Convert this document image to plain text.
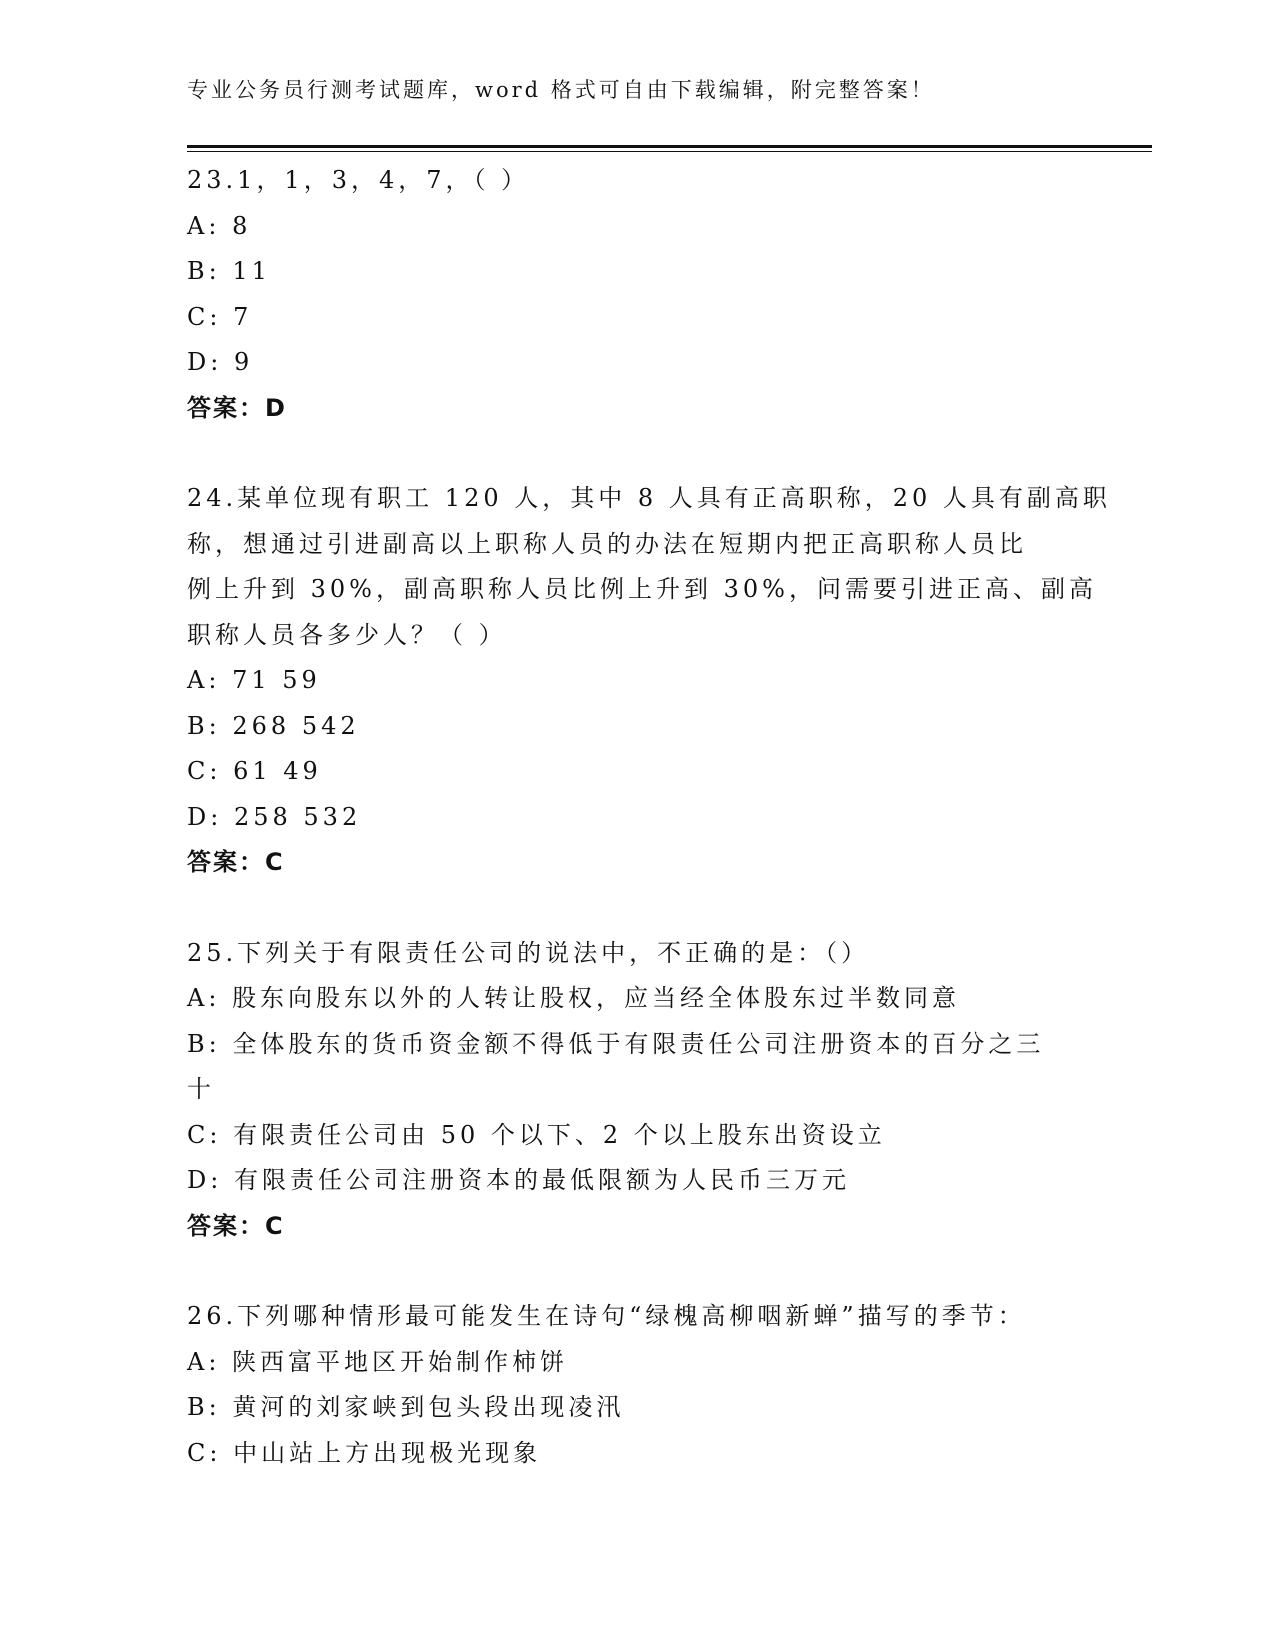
专业公务员行测考试题库，word 格式可自由下载编辑，附完整答案！
23.1，1，3，4，7，（ ）
A: 8
B: 11
C: 7
D: 9
答案：D
24.某单位现有职工 120 人，其中 8 人具有正高职称，20 人具有副高职
称，想通过引进副高以上职称人员的办法在短期内把正高职称人员比
例上升到 30%，副高职称人员比例上升到 30%，问需要引进正高、副高
职称人员各多少人？（ ）
A: 71 59
B: 268 542
C: 61 49
D: 258 532
答案：C
25.下列关于有限责任公司的说法中，不正确的是：（）
A: 股东向股东以外的人转让股权，应当经全体股东过半数同意
B: 全体股东的货币资金额不得低于有限责任公司注册资本的百分之三
十
C: 有限责任公司由 50 个以下、2 个以上股东出资设立
D: 有限责任公司注册资本的最低限额为人民币三万元
答案：C
26.下列哪种情形最可能发生在诗句“绿槐高柳咽新蝉”描写的季节：
A: 陕西富平地区开始制作柿饼
B: 黄河的刘家峡到包头段出现凌汛
C: 中山站上方出现极光现象
